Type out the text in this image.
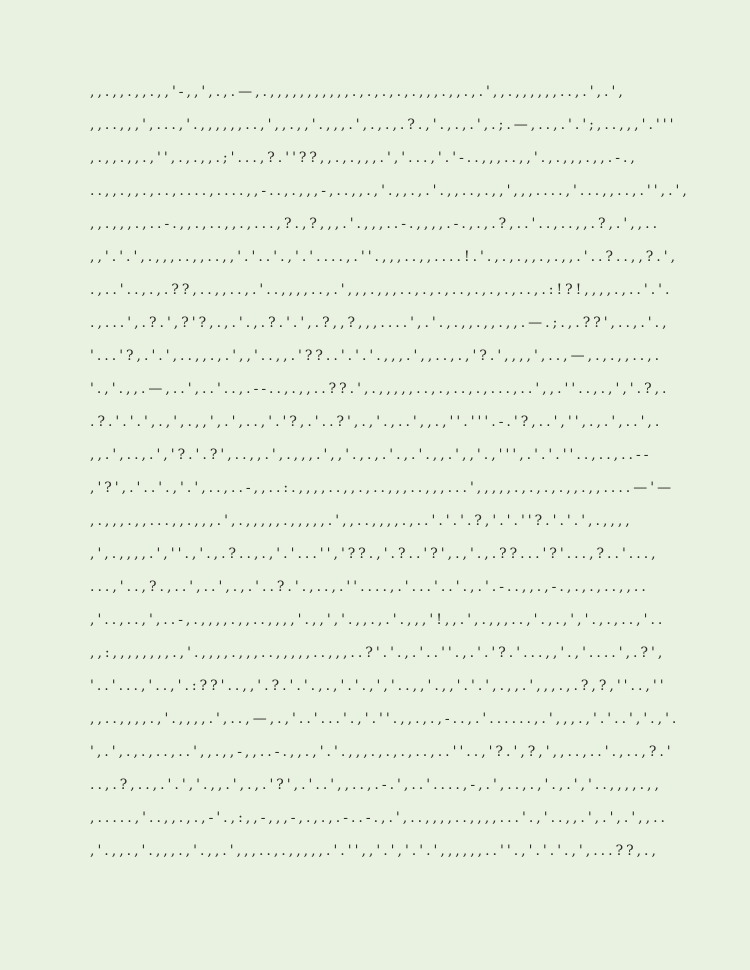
,,.,,.,,.,,'-,,',.,.—,.,,,,,,,,,,,.,.,.,.,.,,,.,,.,.',,.,,,,,,..,.',.',
,,..,,,',...,'.,,,,,,..,',,.,,'.,,,.',.,.,.?.,'.,.,.',.;.—,..,.'.';,..,,,'.'''
,.,,.,,.,'',.,.,,.;'...,?.''??,,.,.,,,.','...,'.'-..,,,..,,'.,.,,,.,,.-.,
..,,.,,.,..,....,....,,-..,.,,,-,..,,.,'.,,.,.'.,,..,.,,',,,....,'...,,..,.'',.',
,,.,,,.,..-.,,.,..,,.,...,?.,?,,,.'.,,,..-.,,,,.-.,.,.?,..'..,..,,.?,.',,..
,,'.'.',.,,,..,,..,,'.'..'.,'.'....,.''.,,,..,,....!.'.,.,.,,.,.,,.'..?..,,?.',
.,..'..,.,.??,..,,..,.'..,,,,..,.',,,.,,,..,.,.,..,.,.,.,..,.:!?!,,,,.,..'.'.
.,...',.?.',?'?,.,.'.,.?.'.',.?,,?,,,....',.'.,.,,.,,.,,.—.;.,.??',..,.'.,
'...'?,.'.',..,,.,.',,'..,,.'??..'.'.'.,,,.',,..,.,'?.',,,,',..,—,.,.,,..,.
'.,'.,,.—,..',..'..,.--..,.,,..??.',.,,,,,..,.,..,.,...,..',,.''..,.,','.?,.
.?.'.'.',.,',.,,',.',..,'.'?,.'..?',.,'.,..',,.,''.'''.-.'?,..','',.,.',..',.
,,.',..,.','?.'.?',..,,.',.,,,.',,'.,.,.'.,.'.,,.',,'.,''',.'.'.''..,..,..--
,'?',.'..'.,'.',..,..-,,..:.,,,,..,,.,..,,,..,,,...',,,,,.,.,.,.,,.,,....—'—
,.,,,.,,...,,.,,,.',.,,,,,.,,,,,.',,..,,,,.,..'.'.'.?,'.'.''?.'.'.',.,,,,
,',.,,,,.',''.,'.,.?..,.,'.'...'','??.,'.?..'?',.,'.,.??...'?'...,?..'...,
...,'..,?.,..',..',.,.'..?.'.,..,.''....,.'...'..'.,.'.-..,,.,-.,.,.,..,,..
,'..,..,',..-,.,,,,.,,..,,,,'.,,','.,,.,.'.,,,'!,,.',.,,,..,'.,.,','.,.,..,'..
,,:,,,,,,,,.,'.,,,,.,,,..,,,,,..,,,..?'.'.,.'..''.,.'.'?.'...,,'.,'....',.?',
'..'...,'..,'.:??'..,,'.?.'.'.,.,'.'.,','..,,'.,,'.'.',.,,.',,,.,.?,?,''..,''
,,..,,,,.,'.,,,,.',..,—,.,'..'...'.,'.''.,,.,.,-..,.'......,.',,,.,'.'..','.,'.
',.',.,.,..,..',,.,,-,,..-.,,.,'.'.,,,.,.,.,..,..''..,'?.',?,',,..,..'.,..,?.'
..,.?,..,.'.','.,,.',.,.'?',.'..',,..,.-.',..'....,-,.',..,.,'.,.','..,,,,.,,
,.....,'..,,.,.,-'.,:,,-,,,-,.,.,.-..-.,.',..,,,,..,,,,...'.,'..,,.',.',.',,..
,'.,,.,'.,,,.,'.,,.',,,..,.,,,,,.'.'',,'.','.'.',,,,,,..''.,'.'.'.,',...??,.,
